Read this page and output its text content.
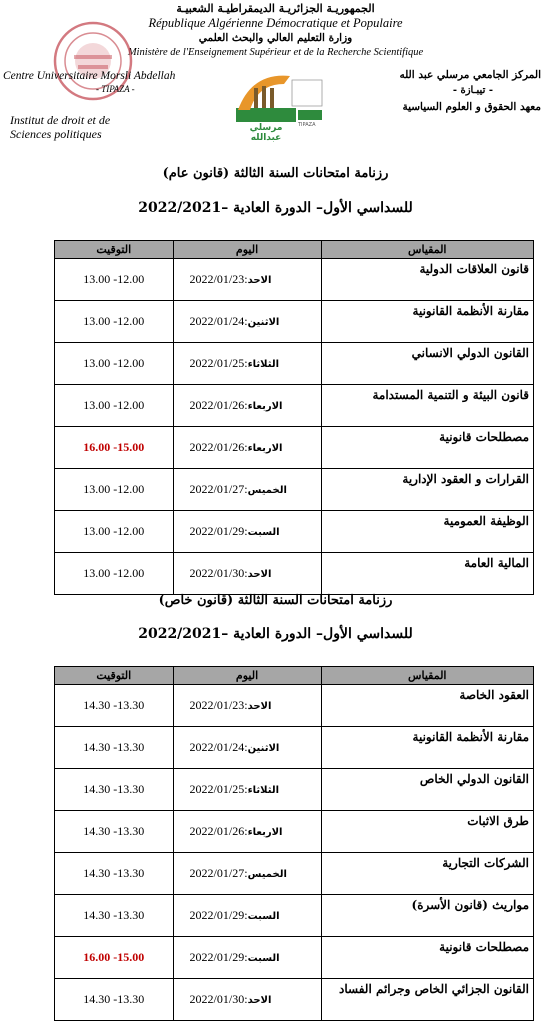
الجمهوريـة الجزائريـة الديمقراطيـة الشعبيـة
République Algérienne Démocratique et Populaire
وزارة التعليم العالي والبحث العلمي
Ministère de l'Enseignement Supérieur et de la Recherche Scientifique
Centre Universitaire Morsli Abdellah
- TIPAZA -
Institut de droit et de
Sciences politiques	مرسلي عبدالله
TIPAZA
المركز الجامعي مرسلي عبد الله
- تيبـازة -
معهد الحقوق و العلوم السياسية
رزنامة امتحانات السنة الثالثة (قانون عام)
للسداسي الأول– الدورة العادية –2022/2021
التوقيت	اليوم	المقياس
13.00 -12.00	2022/01/23:الاحد	قانون العلاقات الدولية
13.00 -12.00	2022/01/24:الاثنين	مقارنة الأنظمة القانونية
13.00 -12.00	2022/01/25:الثلاثاء	القانون الدولي الانساني
13.00 -12.00	2022/01/26:الاربعاء	قانون البيئة و التنمية المستدامة
16.00 -15.00	2022/01/26:الاربعاء	مصطلحات قانونية
13.00 -12.00	2022/01/27:الخميس	القرارات و العقود الإدارية
13.00 -12.00	2022/01/29:السبت	الوظيفة العمومية
13.00 -12.00	2022/01/30:الاحد	المالية العامة
رزنامة امتحانات السنة الثالثة (قانون خاص)
للسداسي الأول– الدورة العادية –2022/2021
التوقيت	اليوم	المقياس
14.30 -13.30	2022/01/23:الاحد	العقود الخاصة
14.30 -13.30	2022/01/24:الاثنين	مقارنة الأنظمة القانونية
14.30 -13.30	2022/01/25:الثلاثاء	القانون الدولي الخاص
14.30 -13.30	2022/01/26:الاربعاء	طرق الاثبات
14.30 -13.30	2022/01/27:الخميس	الشركات التجارية
14.30 -13.30	2022/01/29:السبت	مواريث (قانون الأسرة)
16.00 -15.00	2022/01/29:السبت	مصطلحات قانونية
14.30 -13.30	2022/01/30:الاحد	القانون الجزائي الخاص وجرائم الفساد
